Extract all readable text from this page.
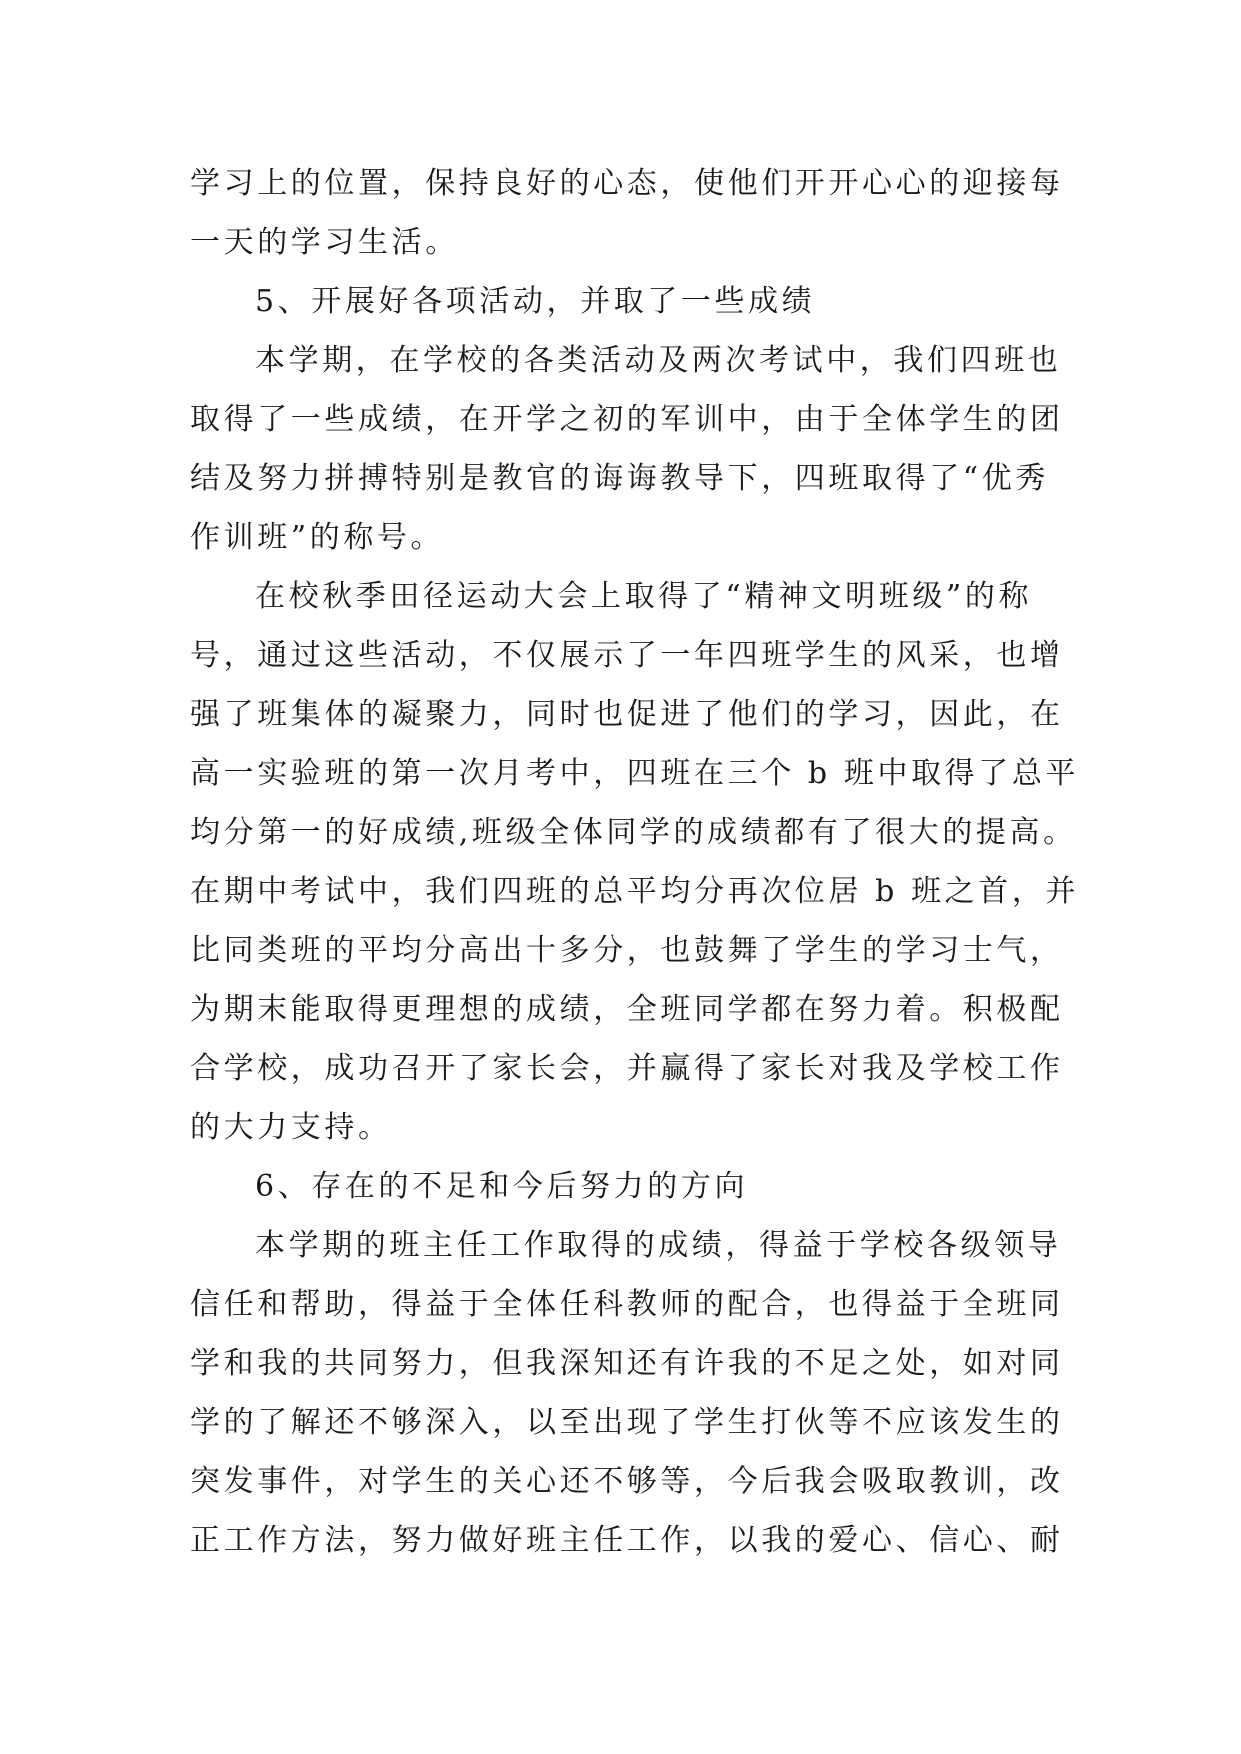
学习上的位置，保持良好的心态，使他们开开心心的迎接每
一天的学习生活。
5、开展好各项活动，并取了一些成绩
本学期，在学校的各类活动及两次考试中，我们四班也
取得了一些成绩，在开学之初的军训中，由于全体学生的团
结及努力拼搏特别是教官的诲诲教导下，四班取得了“优秀
作训班”的称号。
在校秋季田径运动大会上取得了“精神文明班级”的称
号，通过这些活动，不仅展示了一年四班学生的风采，也增
强了班集体的凝聚力，同时也促进了他们的学习，因此，在
高一实验班的第一次月考中，四班在三个 b 班中取得了总平
均分第一的好成绩,班级全体同学的成绩都有了很大的提高。
在期中考试中，我们四班的总平均分再次位居 b 班之首，并
比同类班的平均分高出十多分，也鼓舞了学生的学习士气，
为期末能取得更理想的成绩，全班同学都在努力着。积极配
合学校，成功召开了家长会，并赢得了家长对我及学校工作
的大力支持。
6、存在的不足和今后努力的方向
本学期的班主任工作取得的成绩，得益于学校各级领导
信任和帮助，得益于全体任科教师的配合，也得益于全班同
学和我的共同努力，但我深知还有许我的不足之处，如对同
学的了解还不够深入，以至出现了学生打伙等不应该发生的
突发事件，对学生的关心还不够等，今后我会吸取教训，改
正工作方法，努力做好班主任工作，以我的爱心、信心、耐
